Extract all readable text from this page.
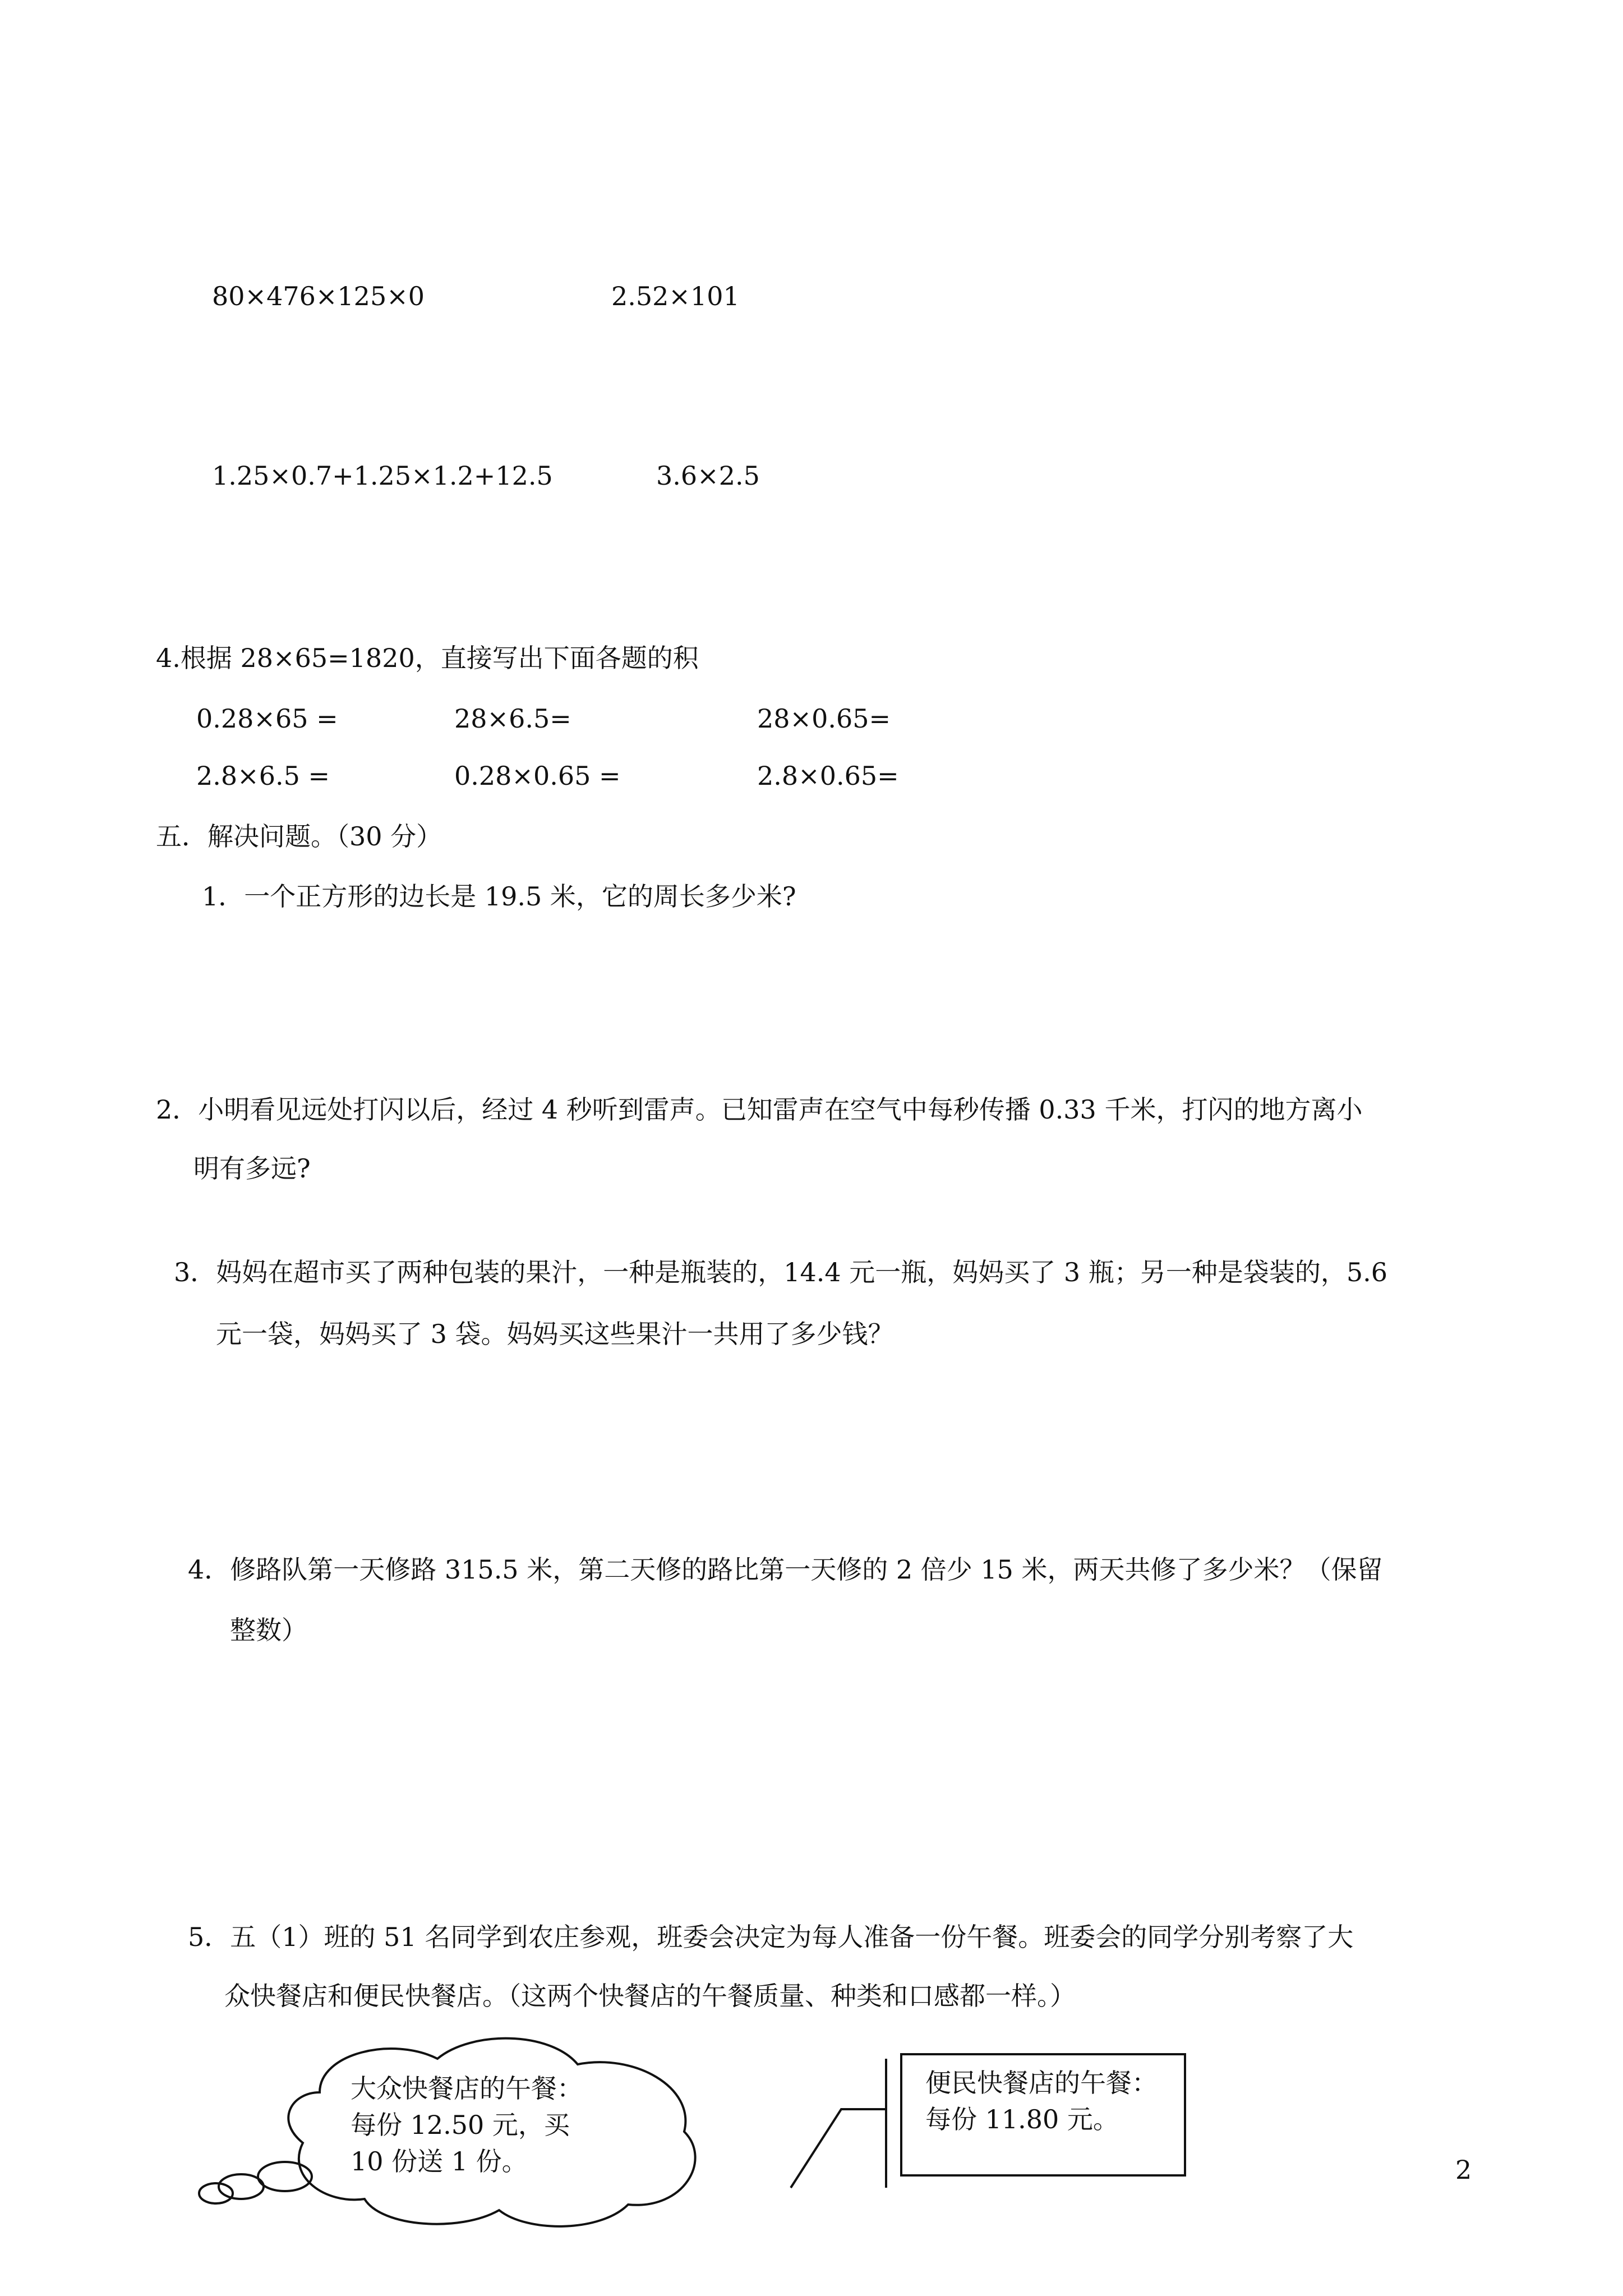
80×476×125×0	2.52×101
1.25×0.7+1.25×1.2+12.5	3.6×2.5
4.根据 28×65=1820，直接写出下面各题的积
0.28×65 =	28×6.5=	28×0.65=
2.8×6.5 =	0.28×0.65 =	2.8×0.65=
五．解决问题。（30 分）
1．一个正方形的边长是 19.5 米，它的周长多少米?
2．小明看见远处打闪以后，经过 4 秒听到雷声。已知雷声在空气中每秒传播 0.33 千米，打闪的地方离小
明有多远?
3．妈妈在超市买了两种包装的果汁，一种是瓶装的，14.4 元一瓶，妈妈买了 3 瓶；另一种是袋装的，5.6
元一袋，妈妈买了 3 袋。妈妈买这些果汁一共用了多少钱？
4．修路队第一天修路 315.5 米，第二天修的路比第一天修的 2 倍少 15 米，两天共修了多少米？（保留
整数）
5．五（1）班的 51 名同学到农庄参观，班委会决定为每人准备一份午餐。班委会的同学分别考察了大
众快餐店和便民快餐店。（这两个快餐店的午餐质量、种类和口感都一样。）
大众快餐店的午餐：
每份 12.50 元，买
10 份送 1 份。
便民快餐店的午餐：
每份 11.80 元。
2
